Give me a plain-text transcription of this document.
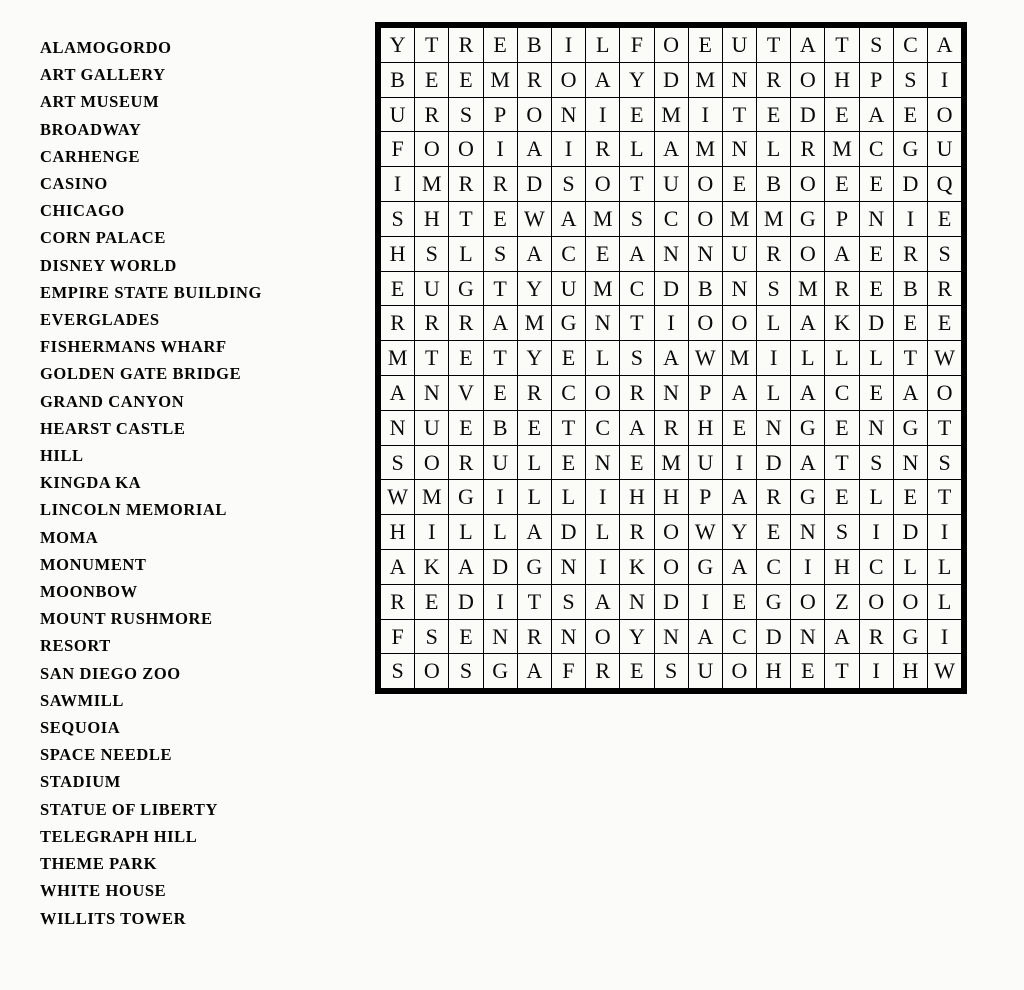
ALAMOGORDO
ART GALLERY
ART MUSEUM
BROADWAY
CARHENGE
CASINO
CHICAGO
CORN PALACE
DISNEY WORLD
EMPIRE STATE BUILDING
EVERGLADES
FISHERMANS WHARF
GOLDEN GATE BRIDGE
GRAND CANYON
HEARST CASTLE
HILL
KINGDA KA
LINCOLN MEMORIAL
MOMA
MONUMENT
MOONBOW
MOUNT RUSHMORE
RESORT
SAN DIEGO ZOO
SAWMILL
SEQUOIA
SPACE NEEDLE
STADIUM
STATUE OF LIBERTY
TELEGRAPH HILL
THEME PARK
WHITE HOUSE
WILLITS TOWER
Y	T	R	E	B	I	L	F	O	E	U	T	A	T	S	C	A
B	E	E	M	R	O	A	Y	D	M	N	R	O	H	P	S	I
U	R	S	P	O	N	I	E	M	I	T	E	D	E	A	E	O
F	O	O	I	A	I	R	L	A	M	N	L	R	M	C	G	U
I	M	R	R	D	S	O	T	U	O	E	B	O	E	E	D	Q
S	H	T	E	W	A	M	S	C	O	M	M	G	P	N	I	E
H	S	L	S	A	C	E	A	N	N	U	R	O	A	E	R	S
E	U	G	T	Y	U	M	C	D	B	N	S	M	R	E	B	R
R	R	R	A	M	G	N	T	I	O	O	L	A	K	D	E	E
M	T	E	T	Y	E	L	S	A	W	M	I	L	L	L	T	W
A	N	V	E	R	C	O	R	N	P	A	L	A	C	E	A	O
N	U	E	B	E	T	C	A	R	H	E	N	G	E	N	G	T
S	O	R	U	L	E	N	E	M	U	I	D	A	T	S	N	S
W	M	G	I	L	L	I	H	H	P	A	R	G	E	L	E	T
H	I	L	L	A	D	L	R	O	W	Y	E	N	S	I	D	I
A	K	A	D	G	N	I	K	O	G	A	C	I	H	C	L	L
R	E	D	I	T	S	A	N	D	I	E	G	O	Z	O	O	L
F	S	E	N	R	N	O	Y	N	A	C	D	N	A	R	G	I
S	O	S	G	A	F	R	E	S	U	O	H	E	T	I	H	W
